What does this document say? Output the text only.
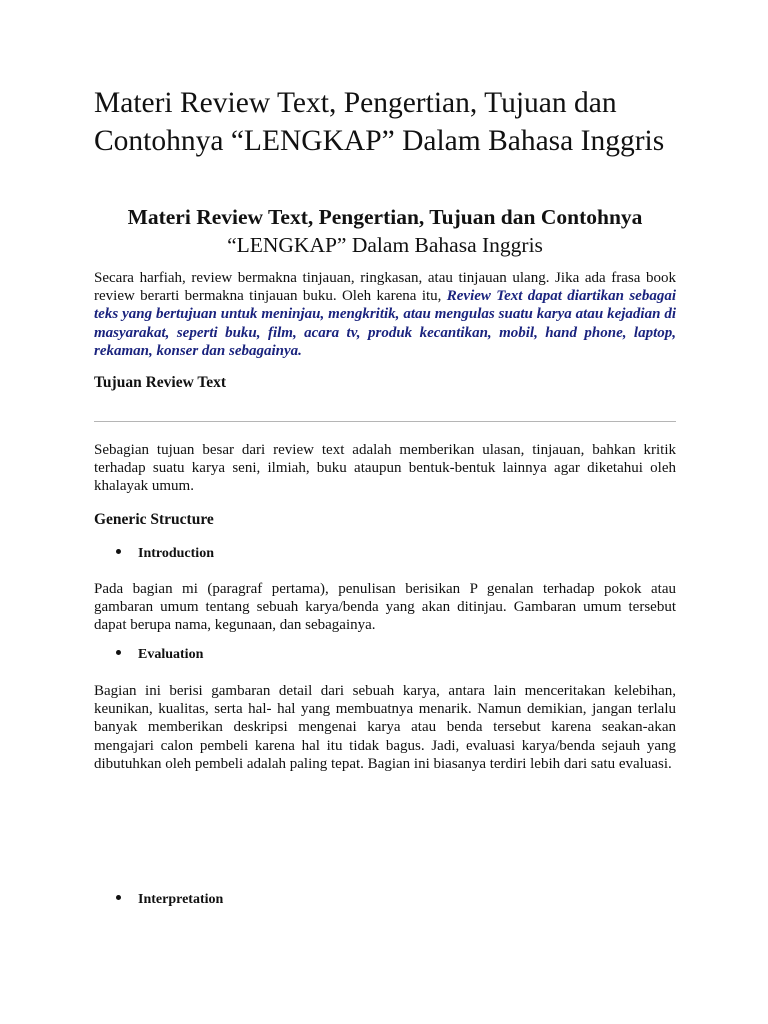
Materi Review Text, Pengertian, Tujuan dan Contohnya “LENGKAP” Dalam Bahasa Inggris
Materi Review Text, Pengertian, Tujuan dan Contohnya

“LENGKAP” Dalam Bahasa Inggris

Secara harfiah, review bermakna tinjauan, ringkasan, atau tinjauan ulang. Jika ada frasa book review berarti bermakna tinjauan buku. Oleh karena itu, Review Text dapat diartikan sebagai teks yang bertujuan untuk meninjau, mengkritik, atau mengulas suatu karya atau kejadian di masyarakat, seperti buku, film, acara tv, produk kecantikan, mobil, hand phone, laptop, rekaman, konser dan sebagainya.

Tujuan Review Text

Sebagian tujuan besar dari review text adalah memberikan ulasan, tinjauan, bahkan kritik terhadap suatu karya seni, ilmiah, buku ataupun bentuk-bentuk lainnya agar diketahui oleh khalayak umum.

Generic Structure
Introduction

Pada bagian mi (paragraf pertama), penulisan berisikan P genalan terhadap pokok atau gambaran umum tentang sebuah karya/benda yang akan ditinjau. Gambaran umum tersebut dapat berupa nama, kegunaan, dan sebagainya.

Evaluation

Bagian ini berisi gambaran detail dari sebuah karya, antara lain menceritakan kelebihan, keunikan, kualitas, serta hal- hal yang membuatnya menarik. Namun demikian, jangan terlalu banyak memberikan deskripsi mengenai karya atau benda tersebut karena seakan-akan mengajari calon pembeli karena hal itu tidak bagus. Jadi, evaluasi karya/benda sejauh yang dibutuhkan oleh pembeli adalah paling tepat. Bagian ini biasanya terdiri lebih dari satu evaluasi.

Interpretation
